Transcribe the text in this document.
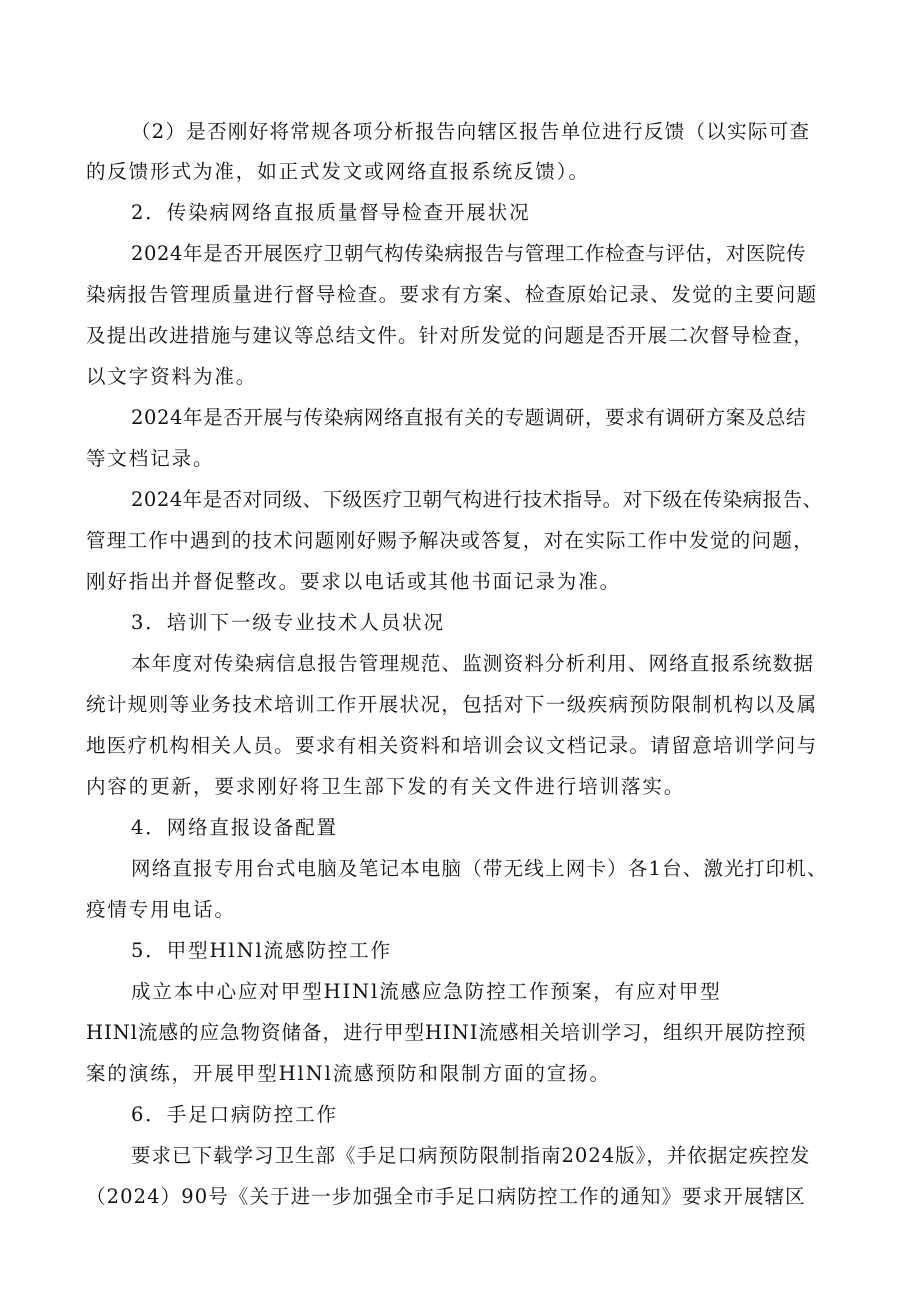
（2）是否刚好将常规各项分析报告向辖区报告单位进行反馈（以实际可查

的反馈形式为准，如正式发文或网络直报系统反馈）。

2．传染病网络直报质量督导检查开展状况

2024年是否开展医疗卫朝气构传染病报告与管理工作检查与评估，对医院传

染病报告管理质量进行督导检查。要求有方案、检查原始记录、发觉的主要问题

及提出改进措施与建议等总结文件。针对所发觉的问题是否开展二次督导检查，

以文字资料为准。

2024年是否开展与传染病网络直报有关的专题调研，要求有调研方案及总结

等文档记录。

2024年是否对同级、下级医疗卫朝气构进行技术指导。对下级在传染病报告、

管理工作中遇到的技术问题刚好赐予解决或答复，对在实际工作中发觉的问题，

刚好指出并督促整改。要求以电话或其他书面记录为准。

3．培训下一级专业技术人员状况

本年度对传染病信息报告管理规范、监测资料分析利用、网络直报系统数据

统计规则等业务技术培训工作开展状况，包括对下一级疾病预防限制机构以及属

地医疗机构相关人员。要求有相关资料和培训会议文档记录。请留意培训学问与

内容的更新，要求刚好将卫生部下发的有关文件进行培训落实。

4．网络直报设备配置

网络直报专用台式电脑及笔记本电脑（带无线上网卡）各1台、激光打印机、

疫情专用电话。

5．甲型HlNl流感防控工作

成立本中心应对甲型HINl流感应急防控工作预案，有应对甲型

HINl流感的应急物资储备，进行甲型HINI流感相关培训学习，组织开展防控预

案的演练，开展甲型HlNl流感预防和限制方面的宣扬。

6．手足口病防控工作

要求已下载学习卫生部《手足口病预防限制指南2024版》，并依据定疾控发

（2024）90号《关于进一步加强全市手足口病防控工作的通知》要求开展辖区
